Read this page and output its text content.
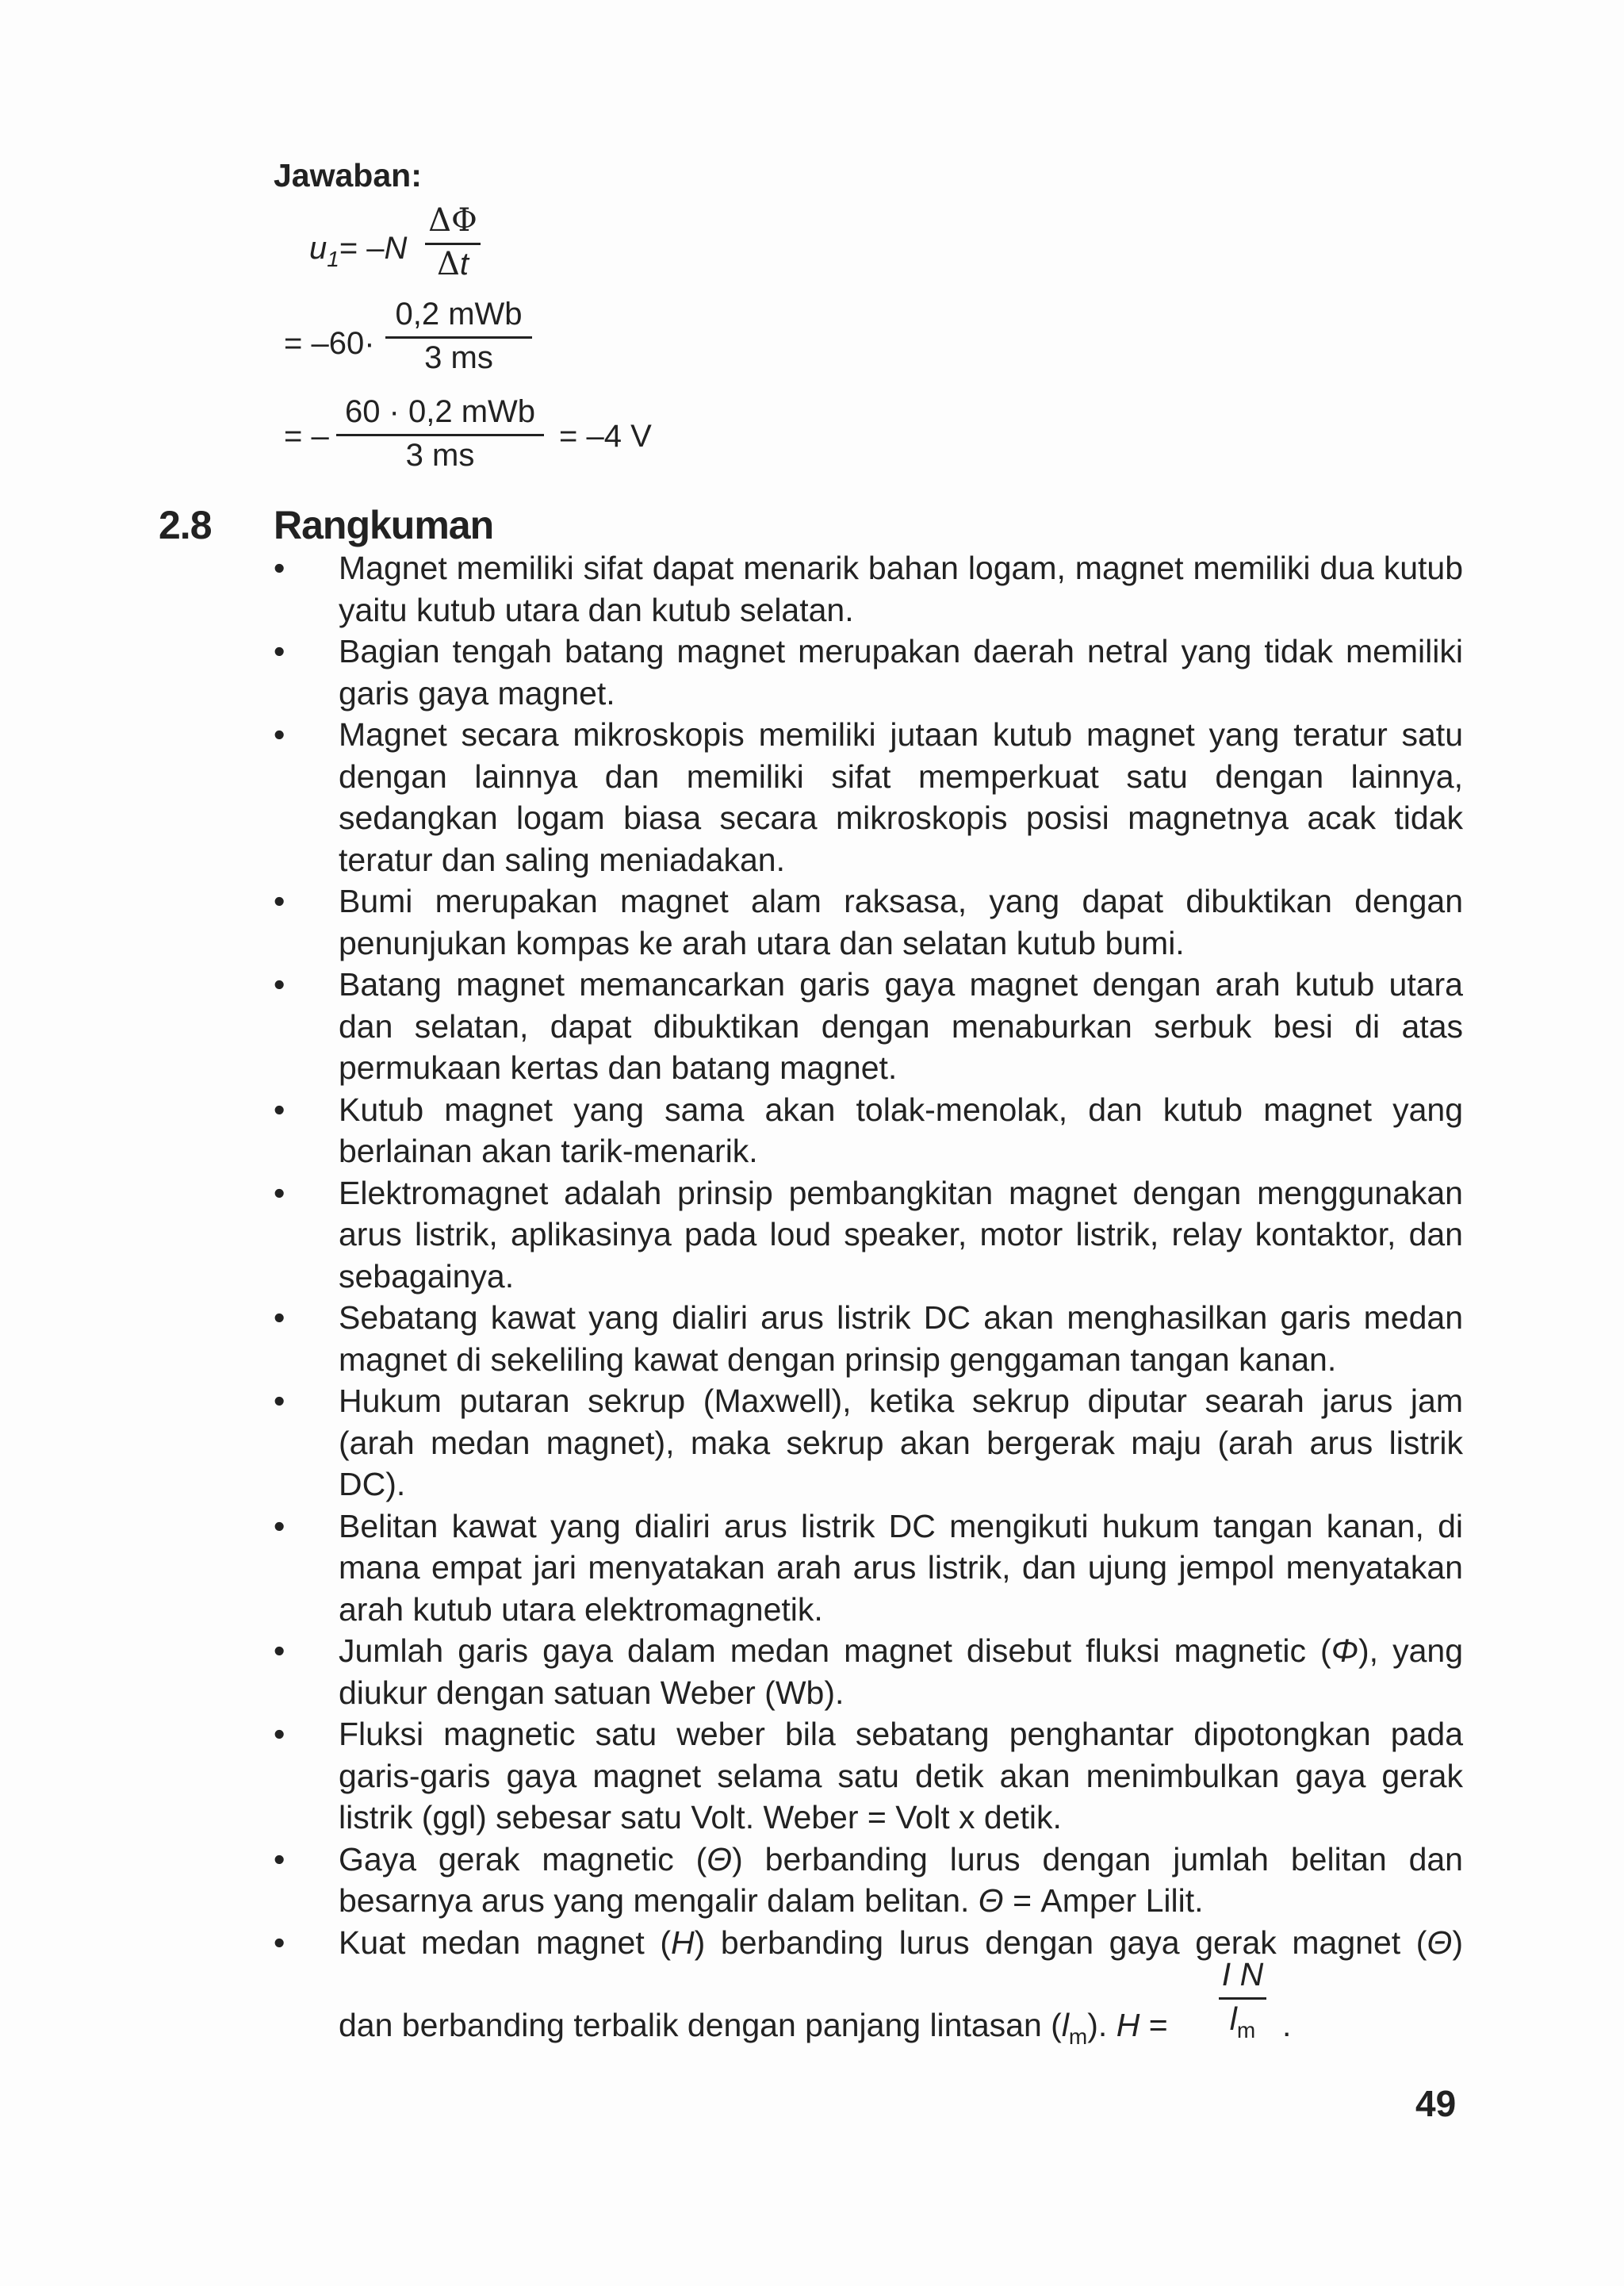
Jawaban:
$u_1= -N$
ΔΦ
Δt
= –60·
0,2 mWb
3 ms
= –
60 · 0,2 mWb
3 ms
= –4 V
2.8 Rangkuman
• Magnet memiliki sifat dapat menarik bahan logam, magnet memiliki dua kutub yaitu kutub utara dan kutub selatan.
• Bagian tengah batang magnet merupakan daerah netral yang tidak memiliki garis gaya magnet.
• Magnet secara mikroskopis memiliki jutaan kutub magnet yang teratur satu dengan lainnya dan memiliki sifat memperkuat satu dengan lainnya, sedangkan logam biasa secara mikroskopis posisi magnetnya acak tidak teratur dan saling meniadakan.
• Bumi merupakan magnet alam raksasa, yang dapat dibuktikan dengan penunjukan kompas ke arah utara dan selatan kutub bumi.
• Batang magnet memancarkan garis gaya magnet dengan arah kutub utara dan selatan, dapat dibuktikan dengan menaburkan serbuk besi di atas permukaan kertas dan batang magnet.
• Kutub magnet yang sama akan tolak-menolak, dan kutub magnet yang berlainan akan tarik-menarik.
• Elektromagnet adalah prinsip pembangkitan magnet dengan menggunakan arus listrik, aplikasinya pada loud speaker, motor listrik, relay kontaktor, dan sebagainya.
• Sebatang kawat yang dialiri arus listrik DC akan menghasilkan garis medan magnet di sekeliling kawat dengan prinsip genggaman tangan kanan.
• Hukum putaran sekrup (Maxwell), ketika sekrup diputar searah jarus jam (arah medan magnet), maka sekrup akan bergerak maju (arah arus listrik DC).
• Belitan kawat yang dialiri arus listrik DC mengikuti hukum tangan kanan, di mana empat jari menyatakan arah arus listrik, dan ujung jempol menyatakan arah kutub utara elektromagnetik.
• Jumlah garis gaya dalam medan magnet disebut fluksi magnetic (Φ), yang diukur dengan satuan Weber (Wb).
• Fluksi magnetic satu weber bila sebatang penghantar dipotongkan pada garis-garis gaya magnet selama satu detik akan menimbulkan gaya gerak listrik (ggl) sebesar satu Volt. Weber = Volt x detik.
• Gaya gerak magnetic (Θ) berbanding lurus dengan jumlah belitan dan besarnya arus yang mengalir dalam belitan. Θ = Amper Lilit.
• Kuat medan magnet (H) berbanding lurus dengan gaya gerak magnet (Θ)
dan berbanding terbalik dengan panjang lintasan $(l_m)$. H =
I N
$l_m$ .
49
